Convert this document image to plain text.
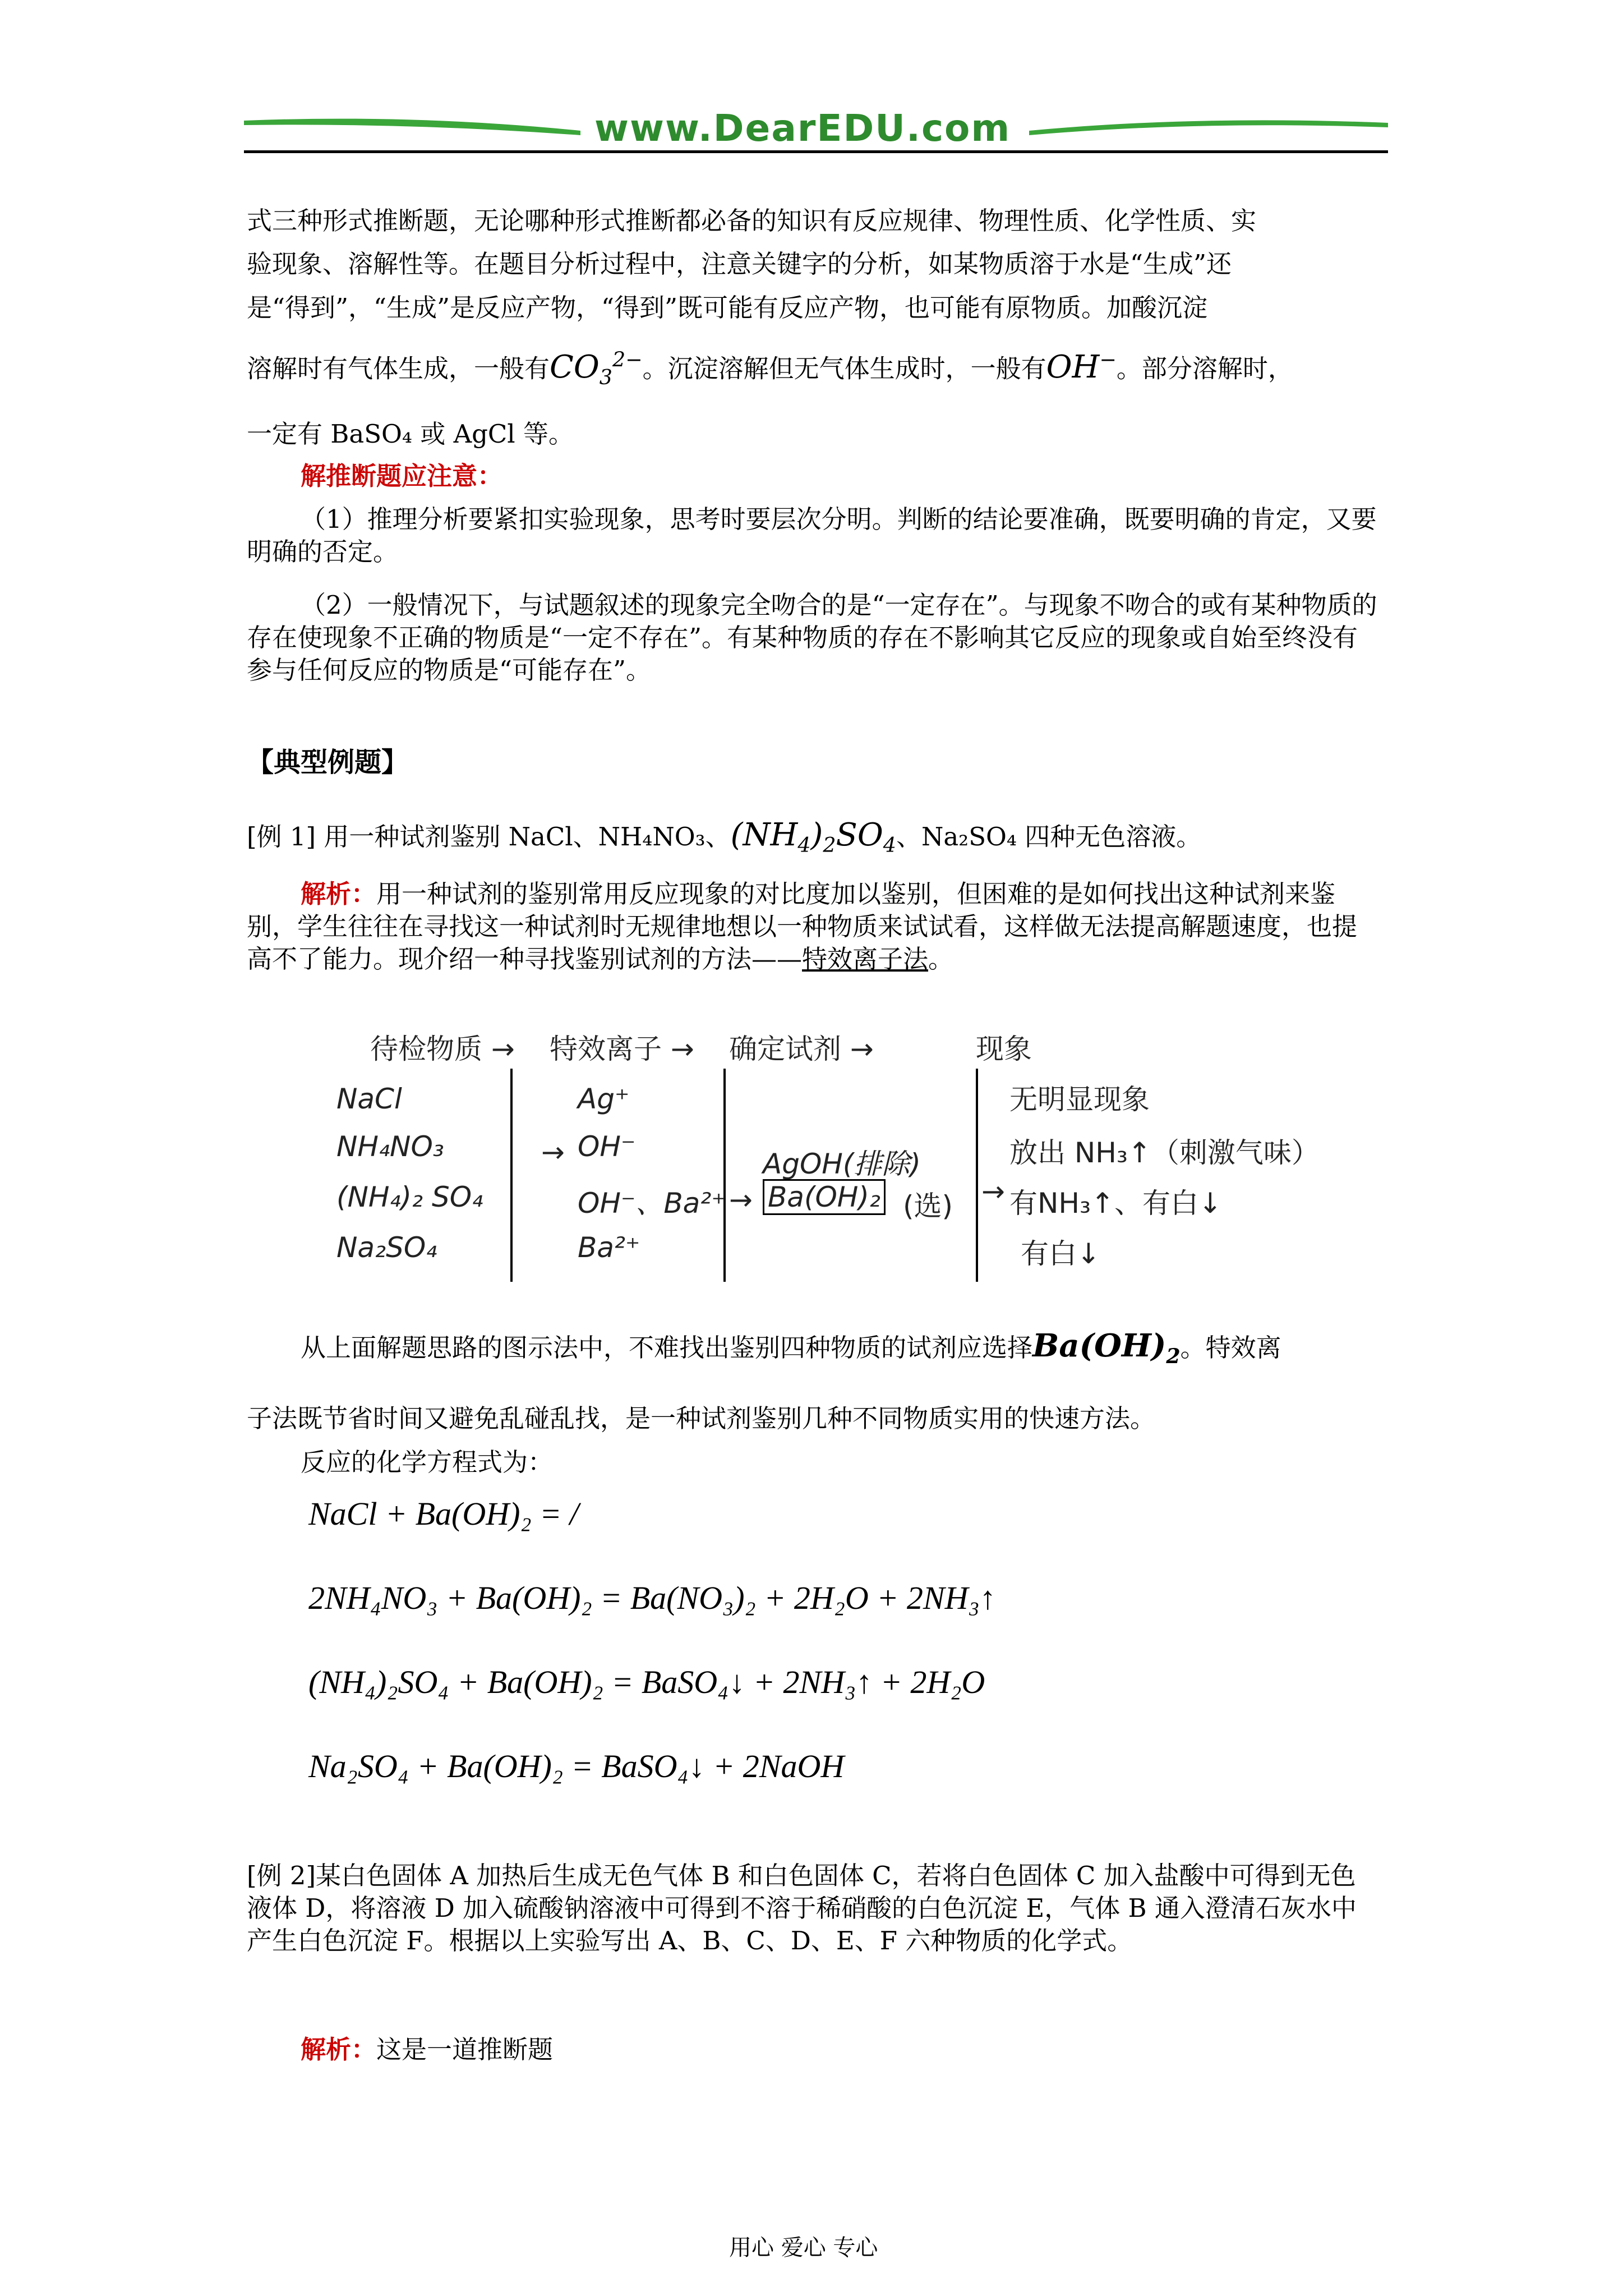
www.DearEDU.com

式三种形式推断题，无论哪种形式推断都必备的知识有反应规律、物理性质、化学性质、实

验现象、溶解性等。在题目分析过程中，注意关键字的分析，如某物质溶于水是“生成”还

是“得到”，“生成”是反应产物，“得到”既可能有反应产物，也可能有原物质。加酸沉淀

溶解时有气体生成，一般有$CO_3^{2-}$。沉淀溶解但无气体生成时，一般有OH−。部分溶解时，

一定有 BaSO₄ 或 AgCl 等。

解推断题应注意：

（1）推理分析要紧扣实验现象，思考时要层次分明。判断的结论要准确，既要明确的肯定，又要明确的否定。

（2）一般情况下，与试题叙述的现象完全吻合的是“一定存在”。与现象不吻合的或有某种物质的存在使现象不正确的物质是“一定不存在”。有某种物质的存在不影响其它反应的现象或自始至终没有参与任何反应的物质是“可能存在”。

【典型例题】

[例 1] 用一种试剂鉴别 NaCl、NH₄NO₃、$(NH_4)_2SO_4$、Na₂SO₄ 四种无色溶液。

解析：用一种试剂的鉴别常用反应现象的对比度加以鉴别，但困难的是如何找出这种试剂来鉴别，学生往往在寻找这一种试剂时无规律地想以一种物质来试试看，这样做无法提高解题速度，也提高不了能力。现介绍一种寻找鉴别试剂的方法——特效离子法。

待检物质 → 特效离子 → 确定试剂 →	现象
NaCl
NH₄NO₃
(NH₄)₂ SO₄
Na₂SO₄
Ag⁺
→ OH⁻
OH⁻、Ba²⁺
Ba²⁺
AgOH(排除)
→ Ba(OH)₂ (选) →
无明显现象
放出 NH₃↑（刺激气味）
有NH₃↑、有白↓
有白↓

从上面解题思路的图示法中，不难找出鉴别四种物质的试剂应选择$Ba(OH)_2$。特效离

子法既节省时间又避免乱碰乱找，是一种试剂鉴别几种不同物质实用的快速方法。

反应的化学方程式为：

NaCl + Ba(OH)₂ = /
2NH₄NO₃ + Ba(OH)₂ = Ba(NO₃)₂ + 2H₂O + 2NH₃↑
(NH₄)₂SO₄ + Ba(OH)₂ = BaSO₄↓ + 2NH₃↑ + 2H₂O
Na₂SO₄ + Ba(OH)₂ = BaSO₄↓ + 2NaOH

[例 2]某白色固体 A 加热后生成无色气体 B 和白色固体 C，若将白色固体 C 加入盐酸中可得到无色液体 D，将溶液 D 加入硫酸钠溶液中可得到不溶于稀硝酸的白色沉淀 E，气体 B 通入澄清石灰水中产生白色沉淀 F。根据以上实验写出 A、B、C、D、E、F 六种物质的化学式。

解析：这是一道推断题

用心 爱心 专心
